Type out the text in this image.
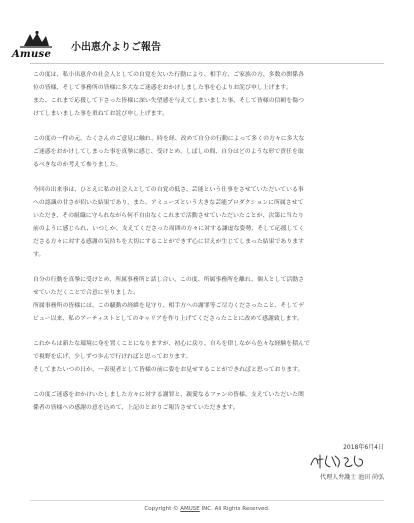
Amuse
小出恵介よりご報告
この度は、私小出恵介の社会人としての自覚を欠いた行動により、相手方、ご家族の方、多数の関係各
位の皆様、そして事務所の皆様に多大なご迷惑をおかけしました事を心よりお詫び申し上げます。
また、これまで応援して下さった皆様に深い失望感を与えてしまいました事、そして皆様の信頼を傷つ
けてしまいました事を重ねてお詫び申し上げます。
この度の一件の元、たくさんのご意見に触れ、時を経、改めて自分の行動によって多くの方々に多大な
ご迷惑をおかけしてしまった事を真摯に感じ、受けとめ、しばしの間、自分はどのような形で責任を取
るべきなのか考えて参りました。
今回の出来事は、ひとえに私の社会人としての自覚の低さ、芸能という仕事をさせていただいている事
への認識の甘さが招いた結果であり、また、アミューズという大きな芸能プロダクションに所属させて
いただき、その組織に守られながら何不自由なくこれまで活動させていただいたことが、次第に当たり
前のように感じられ、いつしか、支えてくださった周囲の方々に対する謙虚な姿勢、そして応援してく
ださる方々に対する感謝の気持ちを大切にすることができず心に甘えが生じてしまった結果であります
す。
自分の行動を真摯に受けとめ、所属事務所と話し合い、この度、所属事務所を離れ、個人として活動さ
せていただくことで合意に至りました。
所属事務所の皆様には、この騒動の経緯を見守り、相手方への謝罪等ご尽力くださったこと、そしてデ
ビュー以来、私のアーティストとしてのキャリアを作り上げてくださったことに改めて感謝致します。
これからは新たな環境に身を置くことになりますが、初心に戻り、自らを律しながら色々な経験を積んで
で視野を広げ、少しずつ歩んで行ければと思っております。
そしてまたいつの日か、一表現者として皆様の前に姿をお見せすることができればと思っております。
この度ご迷惑をおかけいたしました方々に対する謝罪と、親愛なるファンの皆様、支えていただいた関
係者の皆様への感謝の意を込めて、上記のとおりご報告させていただきます。
2018年6月4日
代理人弁護士 池田 尚弘
Copyright © AMUSE INC. All Rights Reserved.
